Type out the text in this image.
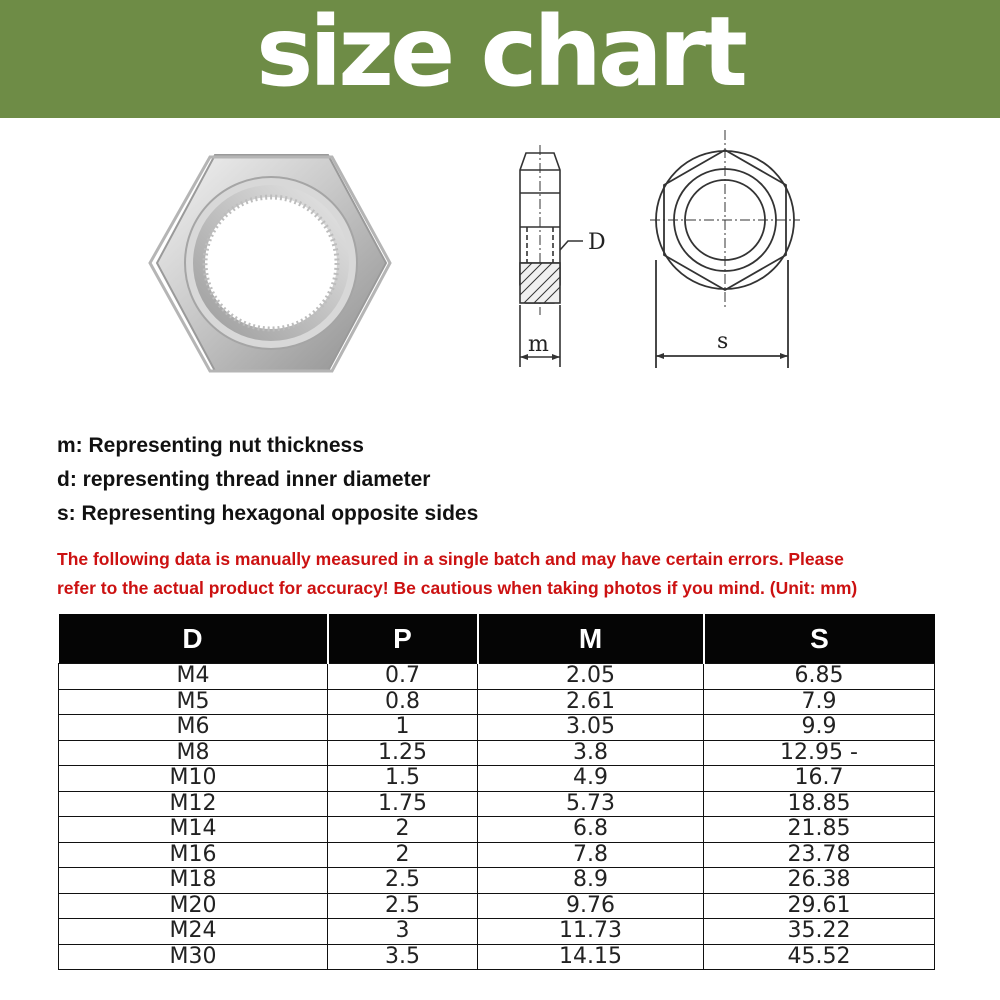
size chart
D
m	s
m: Representing nut thickness
d: representing thread inner diameter
s: Representing hexagonal opposite sides
The following data is manually measured in a single batch and may have certain errors. Please
refer to the actual product for accuracy! Be cautious when taking photos if you mind. (Unit: mm)
D	P	M	S
M4	0.7	2.05	6.85
M5	0.8	2.61	7.9
M6	1	3.05	9.9
M8	1.25	3.8	12.95 -
M10	1.5	4.9	16.7
M12	1.75	5.73	18.85
M14	2	6.8	21.85
M16	2	7.8	23.78
M18	2.5	8.9	26.38
M20	2.5	9.76	29.61
M24	3	11.73	35.22
M30	3.5	14.15	45.52
